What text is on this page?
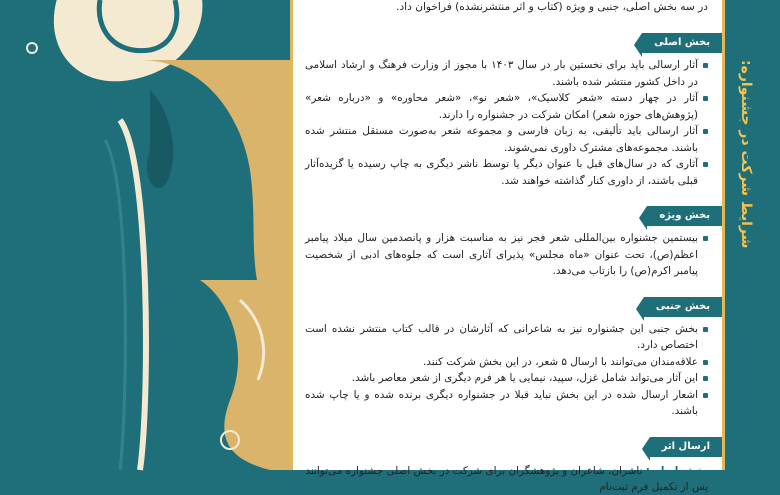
شرایط شرکت در جشنواره:

در سه بخش اصلی، جنبی و ویژه (کتاب و اثر منتشرنشده) فراخوان داد.

بخش اصلی
آثار ارسالی باید برای نخستین بار در سال ۱۴۰۳ با مجوز از وزارت فرهنگ و ارشاد اسلامی در داخل کشور منتشر شده باشند.
آثار در چهار دسته «شعر کلاسیک»، «شعر نو»، «شعر محاوره» و «درباره شعر» (پژوهش‌های حوزه شعر) امکان شرکت در جشنواره را دارند.
آثار ارسالی باید تألیفی، به زبان فارسی و مجموعه شعر به‌صورت مستقل منتشر شده باشند. مجموعه‌های مشترک داوری نمی‌شوند.
آثاری که در سال‌های قبل با عنوان دیگر یا توسط ناشر دیگری به چاپ رسیده یا گزیده‌آثار قبلی باشند، از داوری کنار گذاشته خواهند شد.
بخش ویژه
بیستمین جشنواره بین‌المللی شعر فجر نیز به مناسبت هزار و پانصدمین سال میلاد پیامبر اعظم(ص)، تحت عنوان «ماه مجلس» پذیرای آثاری است که جلوه‌های ادبی از شخصیت پیامبر اکرم(ص) را بازتاب می‌دهد.
بخش جنبی
بخش جنبی این جشنواره نیز به شاعرانی که آثارشان در قالب کتاب منتشر نشده است اختصاص دارد.
علاقه‌مندان می‌توانند با ارسال ۵ شعر، در این بخش شرکت کنند.
این آثار می‌تواند شامل غزل، سپید، نیمایی یا هر فرم دیگری از شعر معاصر باشد.
اشعار ارسال شده در این بخش نباید قبلا در جشنواره دیگری برنده شده و یا چاپ شده باشند.
ارسال اثر

بخش اصلی: ناشران، شاعران و پژوهشگران برای شرکت در بخش اصلی جشنواره می‌توانند پس از تکمیل فرم ثبت‌نام
